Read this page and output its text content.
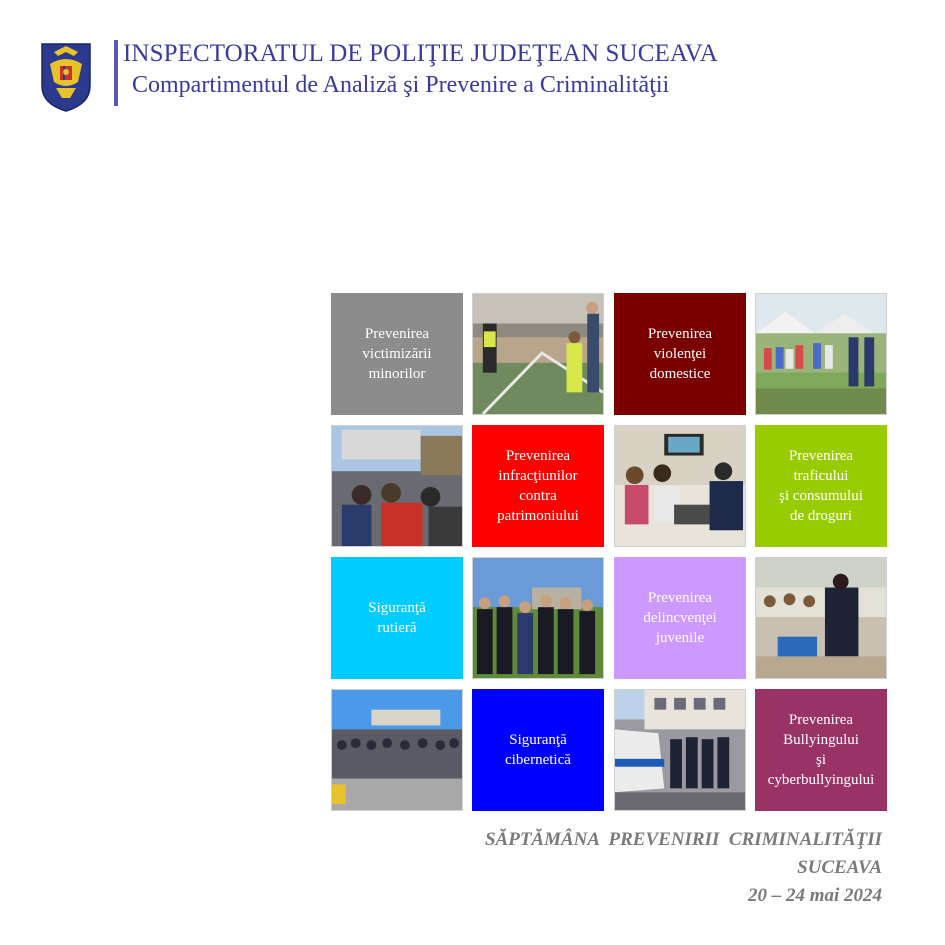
INSPECTORATUL DE POLIŢIE JUDEŢEAN SUCEAVA
Compartimentul de Analiză şi Prevenire a Criminalităţii
Prevenirea
victimizării
minorilor
Prevenirea
violenţei
domestice
Prevenirea
infracţiunilor
contra
patrimoniului
Prevenirea
traficului
şi consumului
de droguri
Siguranţă
rutieră
Prevenirea
delincvenţei
juvenile
Siguranţă
cibernetică
Prevenirea
Bullyingului
şi
cyberbullyingului
SĂPTĂMÂNA  PREVENIRII  CRIMINALITĂŢII
SUCEAVA
20 – 24 mai 2024
